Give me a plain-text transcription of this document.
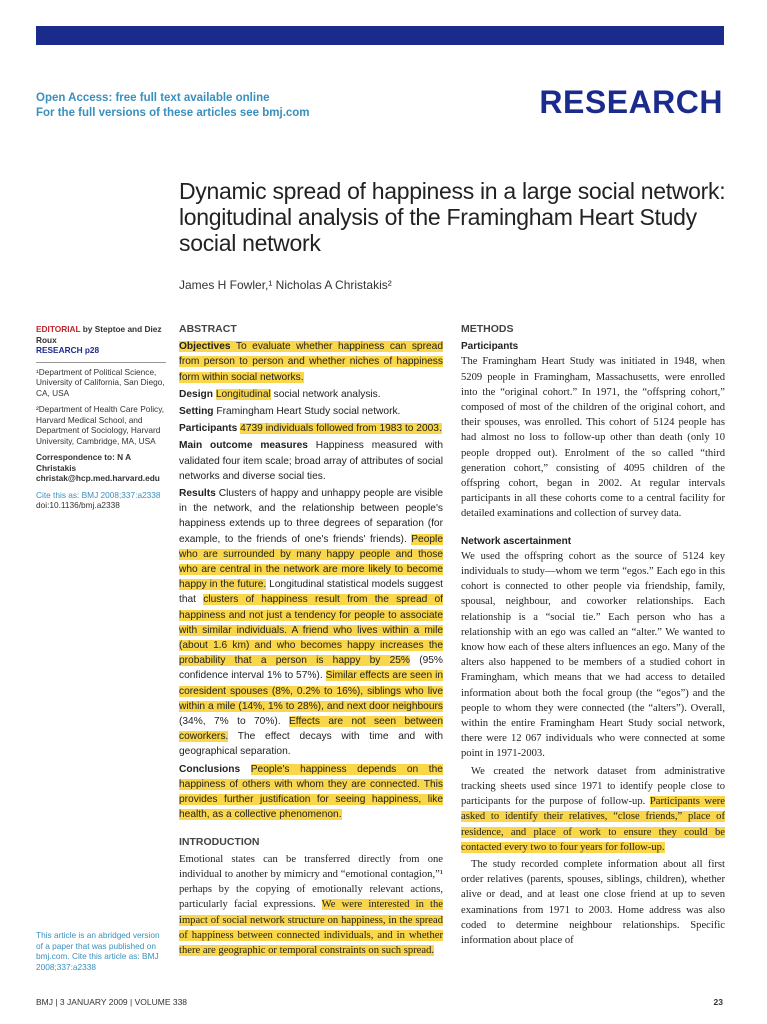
Open Access: free full text available online
For the full versions of these articles see bmj.com	RESEARCH
Dynamic spread of happiness in a large social network: longitudinal analysis of the Framingham Heart Study social network
James H Fowler,¹ Nicholas A Christakis²

EDITORIAL by Steptoe and Diez Roux
RESEARCH p28

¹Department of Political Science, University of California, San Diego, CA, USA

²Department of Health Care Policy, Harvard Medical School, and Department of Sociology, Harvard University, Cambridge, MA, USA

Correspondence to: N A Christakis christak@hcp.med.harvard.edu

Cite this as: BMJ 2008;337:a2338
doi:10.1136/bmj.a2338

This article is an abridged version of a paper that was published on bmj.com. Cite this article as: BMJ 2008;337:a2338
ABSTRACT

Objectives To evaluate whether happiness can spread from person to person and whether niches of happiness form within social networks.

Design Longitudinal social network analysis.

Setting Framingham Heart Study social network.

Participants 4739 individuals followed from 1983 to 2003.

Main outcome measures Happiness measured with validated four item scale; broad array of attributes of social networks and diverse social ties.

Results Clusters of happy and unhappy people are visible in the network, and the relationship between people's happiness extends up to three degrees of separation (for example, to the friends of one's friends' friends). People who are surrounded by many happy people and those who are central in the network are more likely to become happy in the future. Longitudinal statistical models suggest that clusters of happiness result from the spread of happiness and not just a tendency for people to associate with similar individuals. A friend who lives within a mile (about 1.6 km) and who becomes happy increases the probability that a person is happy by 25% (95% confidence interval 1% to 57%). Similar effects are seen in coresident spouses (8%, 0.2% to 16%), siblings who live within a mile (14%, 1% to 28%), and next door neighbours (34%, 7% to 70%). Effects are not seen between coworkers. The effect decays with time and with geographical separation.

Conclusions People's happiness depends on the happiness of others with whom they are connected. This provides further justification for seeing happiness, like health, as a collective phenomenon.

INTRODUCTION

Emotional states can be transferred directly from one individual to another by mimicry and “emotional contagion,”¹ perhaps by the copying of emotionally relevant actions, particularly facial expressions. We were interested in the impact of social network structure on happiness, in the spread of happiness between connected individuals, and in whether there are geographic or temporal constraints on such spread.

METHODS
Participants

The Framingham Heart Study was initiated in 1948, when 5209 people in Framingham, Massachusetts, were enrolled into the “original cohort.” In 1971, the “offspring cohort,” composed of most of the children of the original cohort, and their spouses, was enrolled. This cohort of 5124 people has had almost no loss to follow-up other than death (only 10 people dropped out). Enrolment of the so called “third generation cohort,” consisting of 4095 children of the offspring cohort, began in 2002. At regular intervals participants in all these cohorts come to a central facility for detailed examinations and collection of survey data.

Network ascertainment

We used the offspring cohort as the source of 5124 key individuals to study—whom we term “egos.” Each ego in this cohort is connected to other people via friendship, family, spousal, neighbour, and coworker relationships. Each relationship is a “social tie.” Each person who has a relationship with an ego was called an “alter.” We wanted to know how each of these alters influences an ego. Many of the alters also happened to be members of a studied cohort in Framingham, which means that we had access to detailed information about both the focal group (the “egos”) and the people to whom they were connected (the “alters”). Overall, within the entire Framingham Heart Study social network, there were 12 067 individuals who were connected at some point in 1971-2003.

We created the network dataset from administrative tracking sheets used since 1971 to identify people close to participants for the purpose of follow-up. Participants were asked to identify their relatives, “close friends,” place of residence, and place of work to ensure they could be contacted every two to four years for follow-up.

The study recorded complete information about all first order relatives (parents, spouses, siblings, children), whether alive or dead, and at least one close friend at up to seven examinations from 1971 to 2003. Home address was also coded to determine neighbour relationships. Specific information about place of

BMJ | 3 JANUARY 2009 | VOLUME 338	23
